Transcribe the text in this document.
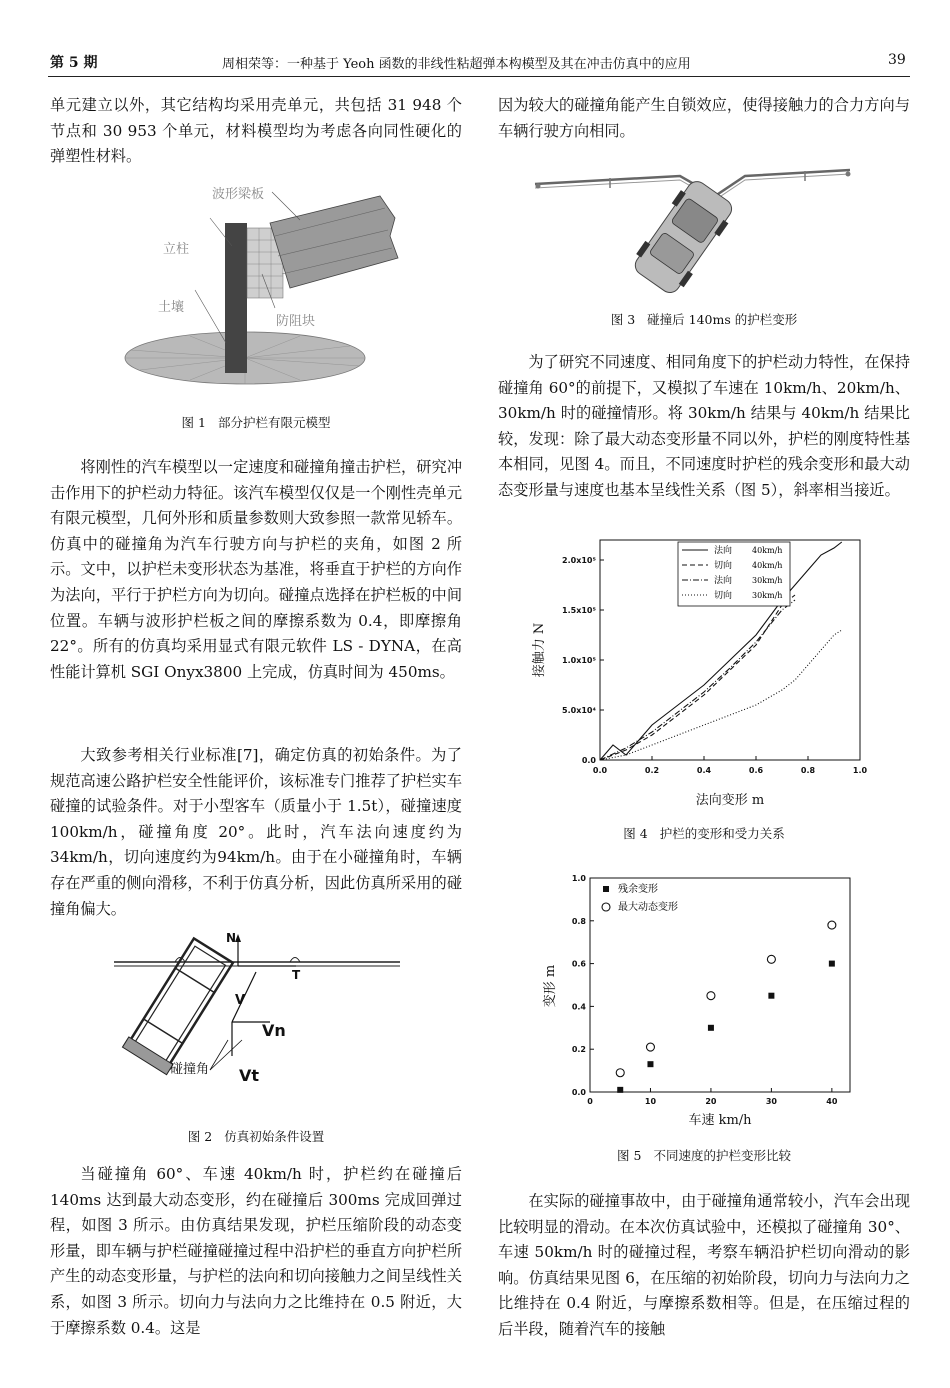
第 5 期	周相荣等：一种基于 Yeoh 函数的非线性粘超弹本构模型及其在冲击仿真中的应用	39

单元建立以外，其它结构均采用壳单元，共包括 31 948 个节点和 30 953 个单元，材料模型均为考虑各向同性硬化的弹塑性材料。

波形梁板
立柱
土壤
防阻块
图 1 部分护栏有限元模型

将刚性的汽车模型以一定速度和碰撞角撞击护栏，研究冲击作用下的护栏动力特征。该汽车模型仅仅是一个刚性壳单元有限元模型，几何外形和质量参数则大致参照一款常见轿车。仿真中的碰撞角为汽车行驶方向与护栏的夹角，如图 2 所示。文中，以护栏未变形状态为基准，将垂直于护栏的方向作为法向，平行于护栏方向为切向。碰撞点选择在护栏板的中间位置。车辆与波形护栏板之间的摩擦系数为 0.4，即摩擦角 22°。所有的仿真均采用显式有限元软件 LS - DYNA，在高性能计算机 SGI Onyx3800 上完成，仿真时间为 450ms。

大致参考相关行业标准[7]，确定仿真的初始条件。为了规范高速公路护栏安全性能评价，该标准专门推荐了护栏实车碰撞的试验条件。对于小型客车（质量小于 1.5t），碰撞速度 100km/h，碰撞角度 20°。此时，汽车法向速度约为 34km/h，切向速度约为94km/h。由于在小碰撞角时，车辆存在严重的侧向滑移，不利于仿真分析，因此仿真所采用的碰撞角偏大。

N
T
V
Vn
Vt
碰撞角
图 2 仿真初始条件设置

当碰撞角 60°、车速 40km/h 时，护栏约在碰撞后 140ms 达到最大动态变形，约在碰撞后 300ms 完成回弹过程，如图 3 所示。由仿真结果发现，护栏压缩阶段的动态变形量，即车辆与护栏碰撞碰撞过程中沿护栏的垂直方向护栏所产生的动态变形量，与护栏的法向和切向接触力之间呈线性关系，如图 3 所示。切向力与法向力之比维持在 0.5 附近，大于摩擦系数 0.4。这是

因为较大的碰撞角能产生自锁效应，使得接触力的合力方向与车辆行驶方向相同。

图 3 碰撞后 140ms 的护栏变形

为了研究不同速度、相同角度下的护栏动力特性，在保持碰撞角 60°的前提下，又模拟了车速在 10km/h、20km/h、30km/h 时的碰撞情形。将 30km/h 结果与 40km/h 结果比较，发现：除了最大动态变形量不同以外，护栏的刚度特性基本相同，见图 4。而且，不同速度时护栏的残余变形和最大动态变形量与速度也基本呈线性关系（图 5），斜率相当接近。

0.0	0.2	0.4	0.6	0.8	1.0
0.0
5.0x10⁴
1.0x10⁵
1.5x10⁵
2.0x10⁵
法向 40km/h
切向 40km/h
法向 30km/h
切向 30km/h
法向变形 m
接触力 N
图 4 护栏的变形和受力关系
0	10	20	30	40
0.0
0.2
0.4
0.6
0.8
1.0
残余变形
最大动态变形
车速 km/h
变形 m
图 5 不同速度的护栏变形比较

在实际的碰撞事故中，由于碰撞角通常较小，汽车会出现比较明显的滑动。在本次仿真试验中，还模拟了碰撞角 30°、车速 50km/h 时的碰撞过程，考察车辆沿护栏切向滑动的影响。仿真结果见图 6，在压缩的初始阶段，切向力与法向力之比维持在 0.4 附近，与摩擦系数相等。但是，在压缩过程的后半段，随着汽车的接触
